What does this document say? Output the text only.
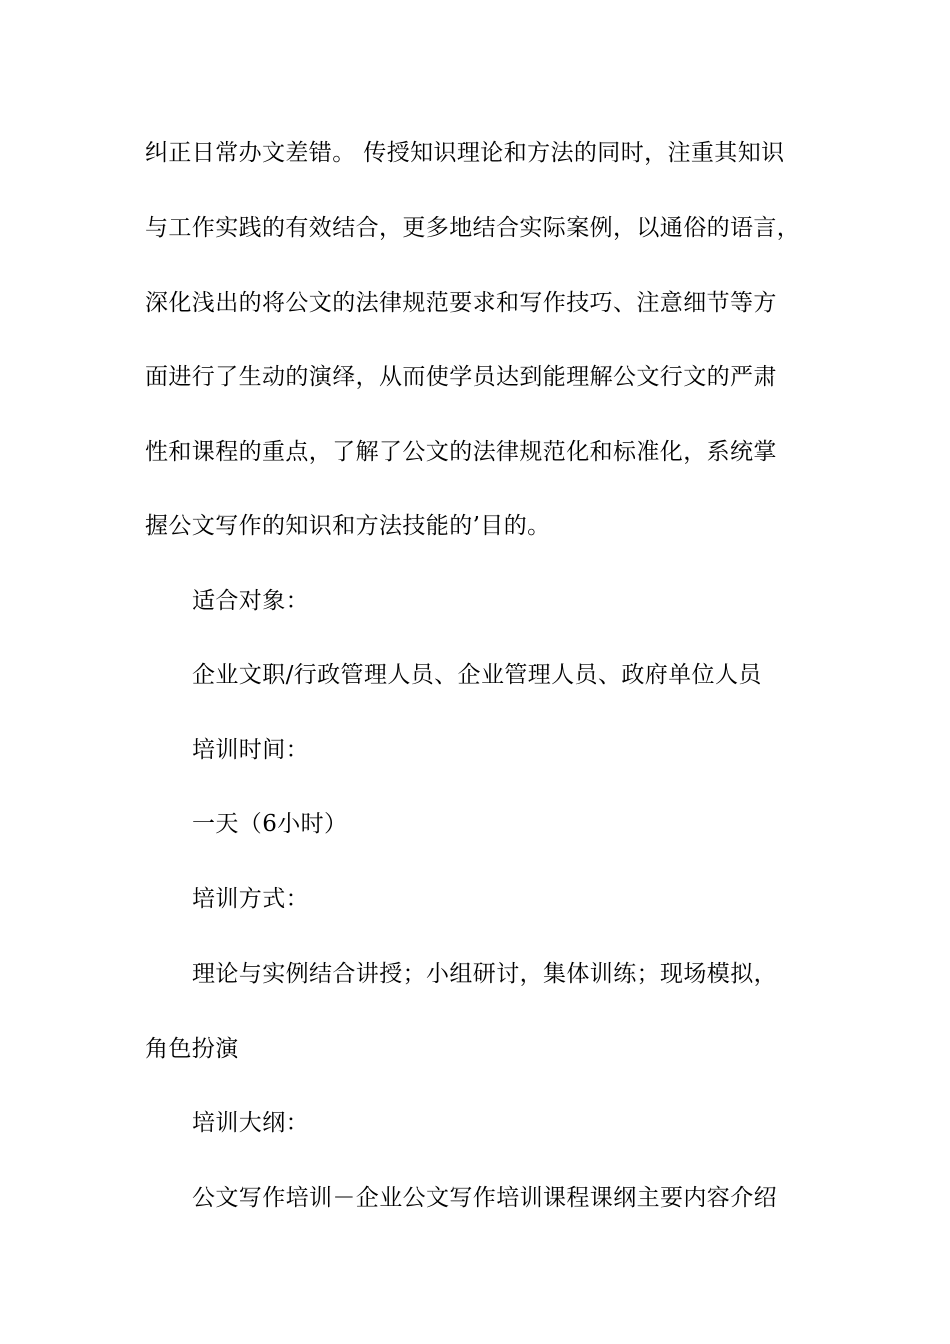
纠正日常办文差错。 传授知识理论和方法的同时，注重其知识
与工作实践的有效结合，更多地结合实际案例，以通俗的语言，
深化浅出的将公文的法律规范要求和写作技巧、注意细节等方
面进行了生动的演绎，从而使学员达到能理解公文行文的严肃
性和课程的重点，了解了公文的法律规范化和标准化，系统掌
握公文写作的知识和方法技能的’目的。
适合对象：
企业文职/行政管理人员、企业管理人员、政府单位人员
培训时间：
一天（6小时）
培训方式：
理论与实例结合讲授；小组研讨，集体训练；现场模拟，
角色扮演
培训大纲：
公文写作培训－企业公文写作培训课程课纲主要内容介绍
